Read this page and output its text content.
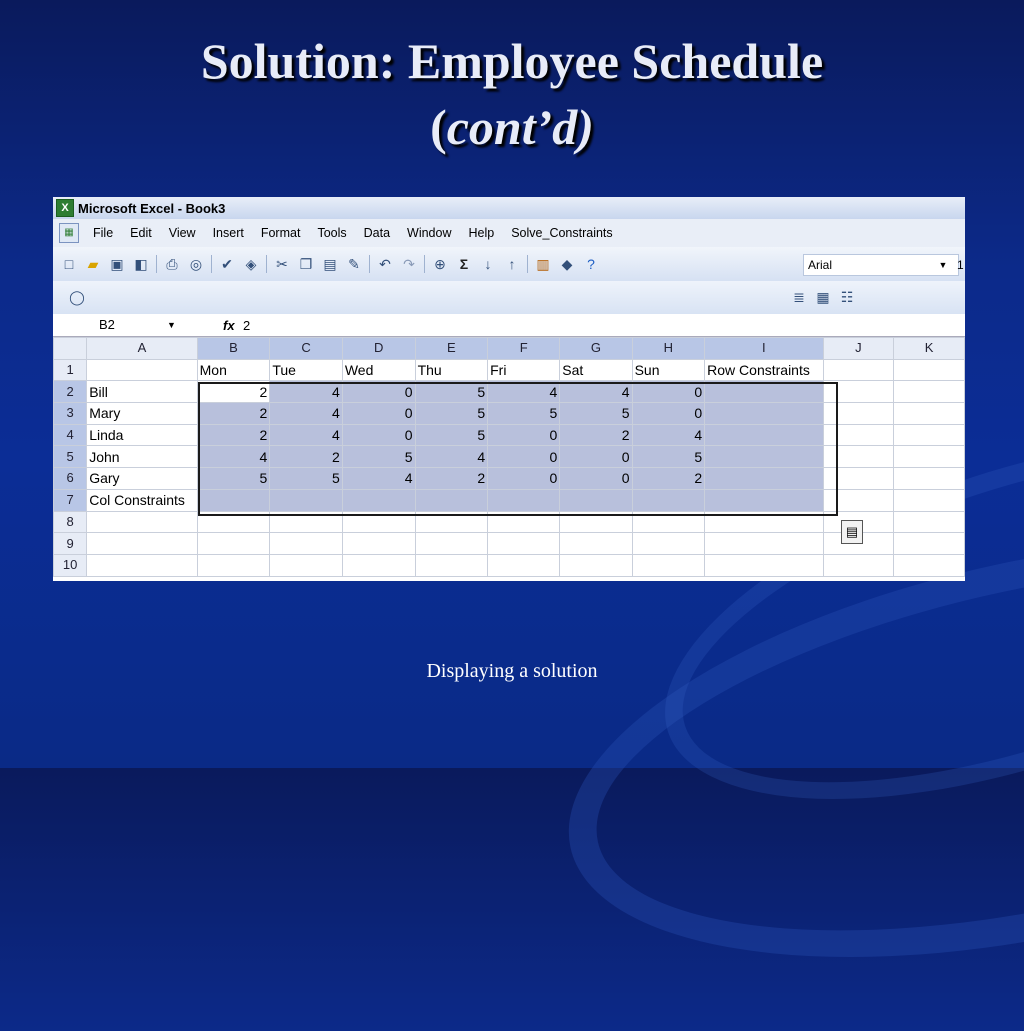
Solution: Employee Schedule
(cont’d)
X Microsoft Excel - Book3
▦	File Edit View Insert Format Tools Data Window Help Solve_Constraints
□	▰ ▣ ◧ ⎙ ◎ ✔ ◈ ✂ ❐ ▤ ✎ ↶ ↷ ⊕ Σ	↓	↑	▥ ◆	?	Arial	▼ 1
◯	≣ ▦ ☷
B2	▼	fx 2
	A	B	C	D	E	F	G	H	I	J	K
1		Mon	Tue	Wed	Thu	Fri	Sat	Sun	Row Constraints		
2	Bill	2	4	0	5	4	4	0			
3	Mary	2	4	0	5	5	5	0			
4	Linda	2	4	0	5	0	2	4			
5	John	4	2	5	4	0	0	5			
6	Gary	5	5	4	2	0	0	2			
7	Col Constraints										
8											
9											
10											
▤
Displaying a solution
